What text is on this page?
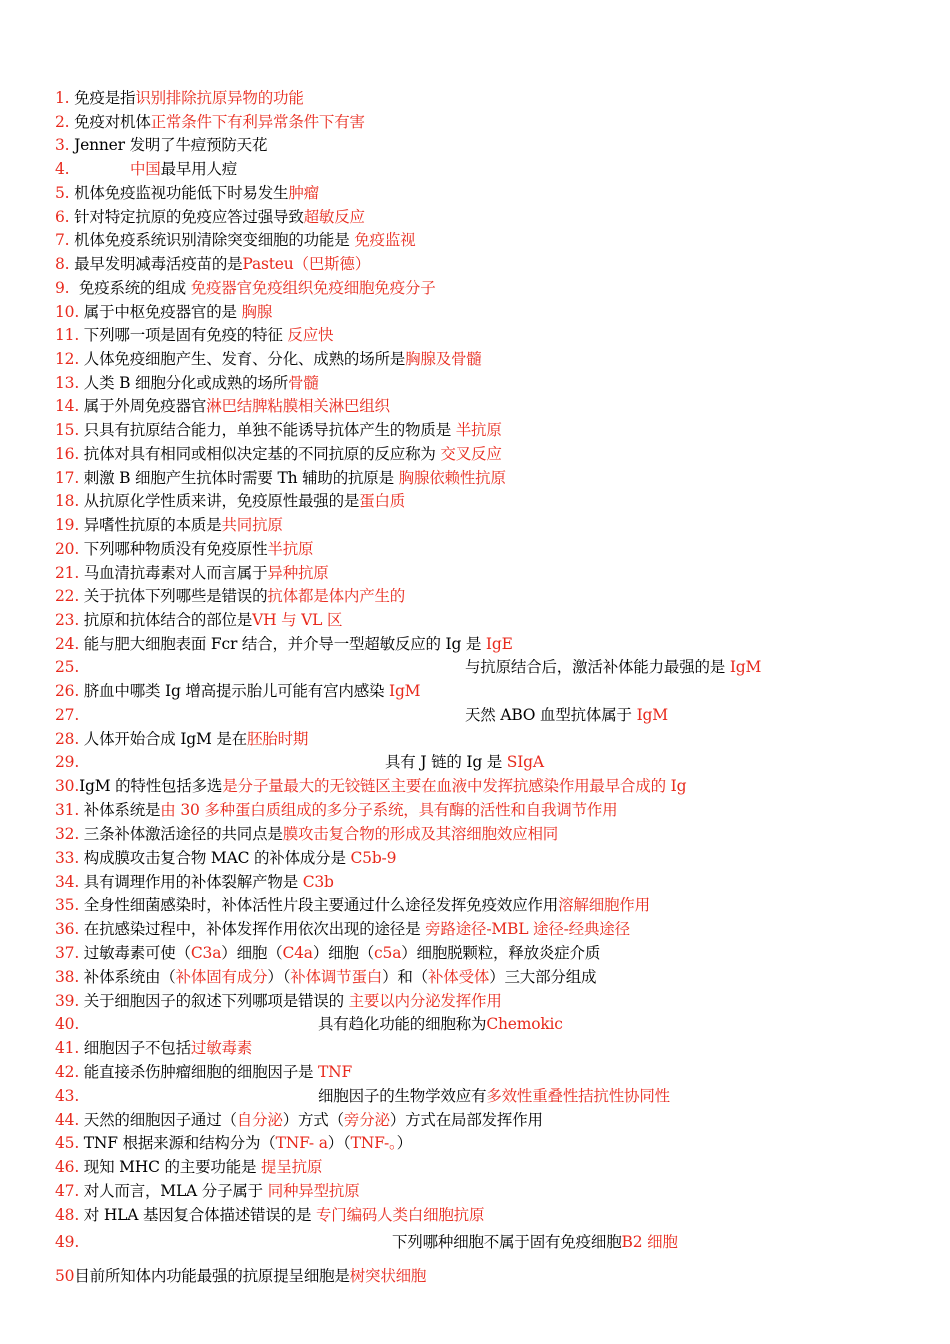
1. 免疫是指识别排除抗原异物的功能
2. 免疫对机体正常条件下有利异常条件下有害
3. Jenner 发明了牛痘预防天花
4.	中国最早用人痘
5. 机体免疫监视功能低下时易发生肿瘤
6. 针对特定抗原的免疫应答过强导致超敏反应
7. 机体免疫系统识别清除突变细胞的功能是 免疫监视
8. 最早发明减毒活疫苗的是Pasteu（巴斯德）
9.  免疫系统的组成 免疫器官免疫组织免疫细胞免疫分子
10. 属于中枢免疫器官的是 胸腺
11. 下列哪一项是固有免疫的特征 反应快
12. 人体免疫细胞产生、发育、分化、成熟的场所是胸腺及骨髓
13. 人类 B 细胞分化或成熟的场所骨髓
14. 属于外周免疫器官淋巴结脾粘膜相关淋巴组织
15. 只具有抗原结合能力，单独不能诱导抗体产生的物质是 半抗原
16. 抗体对具有相同或相似决定基的不同抗原的反应称为 交叉反应
17. 刺激 B 细胞产生抗体时需要 Th 辅助的抗原是 胸腺依赖性抗原
18. 从抗原化学性质来讲，免疫原性最强的是蛋白质
19. 异嗜性抗原的本质是共同抗原
20. 下列哪种物质没有免疫原性半抗原
21. 马血清抗毒素对人而言属于异种抗原
22. 关于抗体下列哪些是错误的抗体都是体内产生的
23. 抗原和抗体结合的部位是VH 与 VL 区
24. 能与肥大细胞表面 Fcr 结合，并介导一型超敏反应的 Ig 是 IgE
25.	与抗原结合后，激活补体能力最强的是 IgM
26. 脐血中哪类 Ig 增高提示胎儿可能有宫内感染 IgM
27.	天然 ABO 血型抗体属于 IgM
28. 人体开始合成 IgM 是在胚胎时期
29.	具有 J 链的 Ig 是 SIgA
30.IgM 的特性包括多选是分子量最大的无铰链区主要在血液中发挥抗感染作用最早合成的 Ig
31. 补体系统是由 30 多种蛋白质组成的多分子系统，具有酶的活性和自我调节作用
32. 三条补体激活途径的共同点是膜攻击复合物的形成及其溶细胞效应相同
33. 构成膜攻击复合物 MAC 的补体成分是 C5b-9
34. 具有调理作用的补体裂解产物是 C3b
35. 全身性细菌感染时，补体活性片段主要通过什么途径发挥免疫效应作用溶解细胞作用
36. 在抗感染过程中，补体发挥作用依次出现的途径是 旁路途径-MBL 途径-经典途径
37. 过敏毒素可使（C3a）细胞（C4a）细胞（c5a）细胞脱颗粒，释放炎症介质
38. 补体系统由（补体固有成分）（补体调节蛋白）和（补体受体）三大部分组成
39. 关于细胞因子的叙述下列哪项是错误的 主要以内分泌发挥作用
40.	具有趋化功能的细胞称为Chemokic
41. 细胞因子不包括过敏毒素
42. 能直接杀伤肿瘤细胞的细胞因子是 TNF
43.	细胞因子的生物学效应有多效性重叠性拮抗性协同性
44. 天然的细胞因子通过（自分泌）方式（旁分泌）方式在局部发挥作用
45. TNF 根据来源和结构分为（TNF- a）（TNF-。）
46. 现知 MHC 的主要功能是 提呈抗原
47. 对人而言，MLA 分子属于 同种异型抗原
48. 对 HLA 基因复合体描述错误的是 专门编码人类白细胞抗原
49.	下列哪种细胞不属于固有免疫细胞B2 细胞
50目前所知体内功能最强的抗原提呈细胞是树突状细胞
